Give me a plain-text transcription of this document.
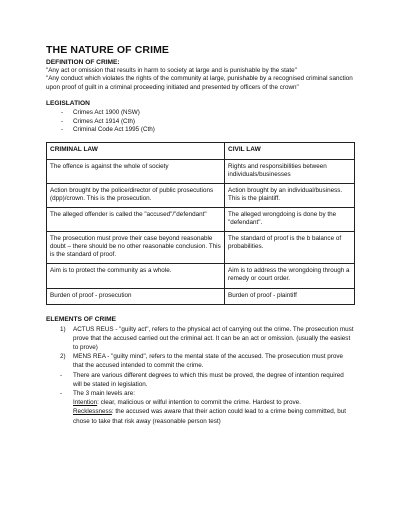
THE NATURE OF CRIME
DEFINITION OF CRIME:

"Any act or omission that results in harm to society at large and is punishable by the state"

"Any conduct which violates the rights of the community at large, punishable by a recognised criminal sanction upon proof of guilt in a criminal proceeding initiated and presented by officers of the crown"

LEGISLATION
- Crimes Act 1900 (NSW)
- Crimes Act 1914 (Cth)
- Criminal Code Act 1995 (Cth)
CRIMINAL LAW	CIVIL LAW
The offence is against the whole of society	Rights and responsibilities between individuals/businesses
Action brought by the police/director of public prosecutions (dpp)/crown. This is the prosecution.	Action brought by an individual/business. This is the plaintiff.
The alleged offender is called the "accused"/"defendant"	The alleged wrongdoing is done by the "defendant".
The prosecution must prove their case beyond reasonable doubt – there should be no other reasonable conclusion. This is the standard of proof.	The standard of proof is the b balance of probabilities.
Aim is to protect the community as a whole.	Aim is to address the wrongdoing through a remedy or court order.
Burden of proof - prosecution	Burden of proof - plaintiff
ELEMENTS OF CRIME
1) ACTUS REUS - "guilty act", refers to the physical act of carrying out the crime. The prosecution must prove that the accused carried out the criminal act. It can be an act or omission. (usually the easiest to prove)
2) MENS REA - "guilty mind", refers to the mental state of the accused. The prosecution must prove that the accused intended to commit the crime.
- There are various different degrees to which this must be proved, the degree of intention required will be stated in legislation.
- The 3 main levels are:
Intention: clear, malicious or wilful intention to commit the crime. Hardest to prove.
Recklessness: the accused was aware that their action could lead to a crime being committed, but chose to take that risk away (reasonable person test)
